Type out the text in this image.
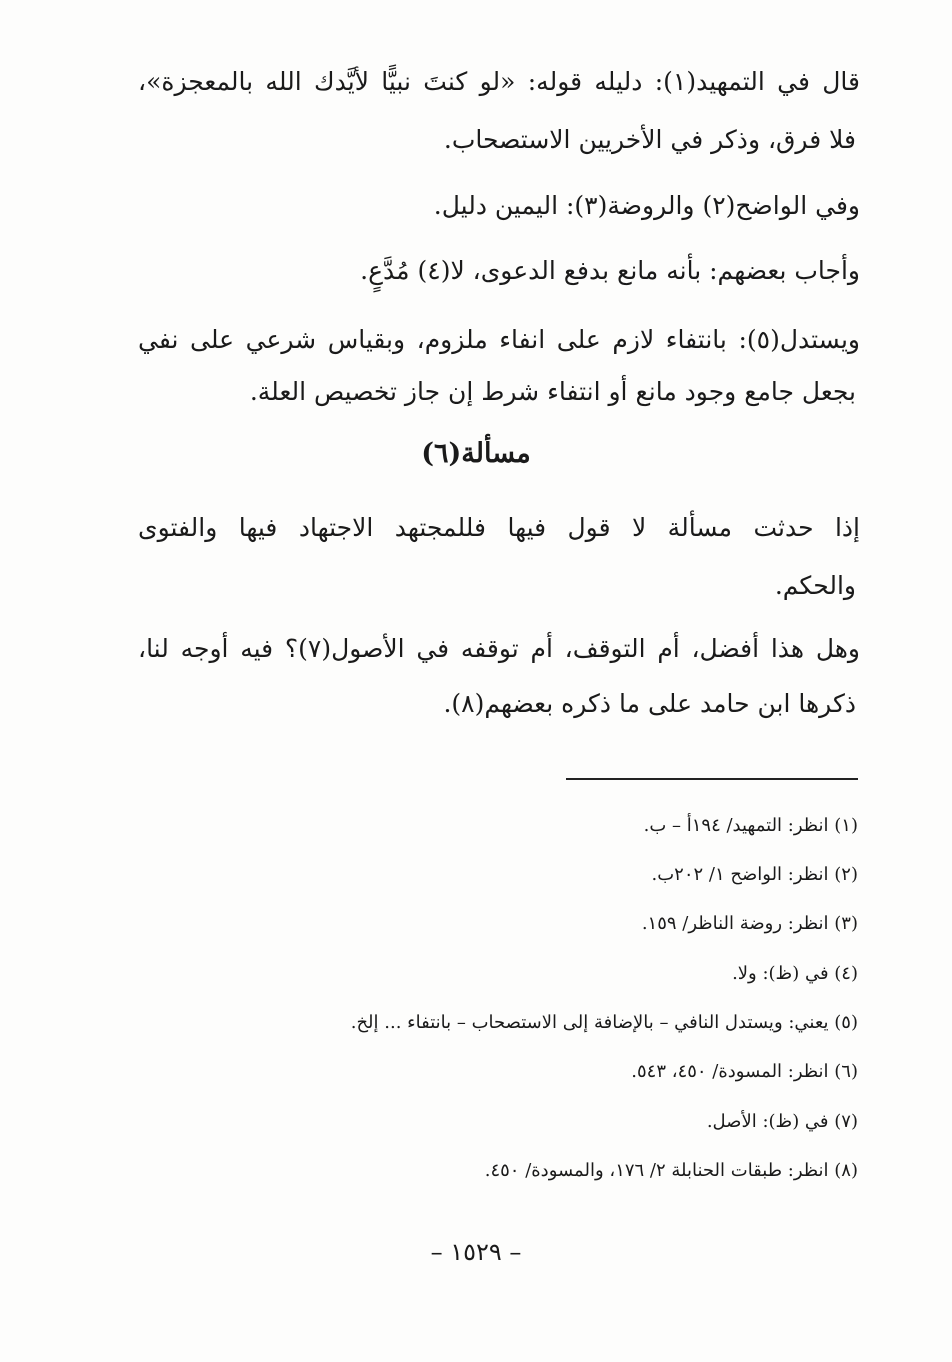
قال في التمهيد(١): دليله قوله: «لو كنتَ نبيًّا لأيَّدك الله بالمعجزة»،
فلا فرق، وذكر في الأخريين الاستصحاب.
وفي الواضح(٢) والروضة(٣): اليمين دليل.
وأجاب بعضهم: بأنه مانع بدفع الدعوى، لا(٤) مُدَّعٍ.
ويستدل(٥): بانتفاء لازم على انفاء ملزوم، وبقياس شرعي على نفي
بجعل جامع وجود مانع أو انتفاء شرط إن جاز تخصيص العلة.
مسألة(٦)
إذا حدثت مسألة لا قول فيها فللمجتهد الاجتهاد فيها والفتوى
والحكم.
وهل هذا أفضل، أم التوقف، أم توقفه في الأصول(٧)؟ فيه أوجه لنا،
ذكرها ابن حامد على ما ذكره بعضهم(٨).
(١) انظر: التمهيد/ ١٩٤أ – ب.
(٢) انظر: الواضح ١/ ٢٠٢ب.
(٣) انظر: روضة الناظر/ ١٥٩.
(٤) في (ظ): ولا.
(٥) يعني: ويستدل النافي – بالإضافة إلى الاستصحاب – بانتفاء ... إلخ.
(٦) انظر: المسودة/ ٤٥٠، ٥٤٣.
(٧) في (ظ): الأصل.
(٨) انظر: طبقات الحنابلة ٢/ ١٧٦، والمسودة/ ٤٥٠.
– ١٥٢٩ –
